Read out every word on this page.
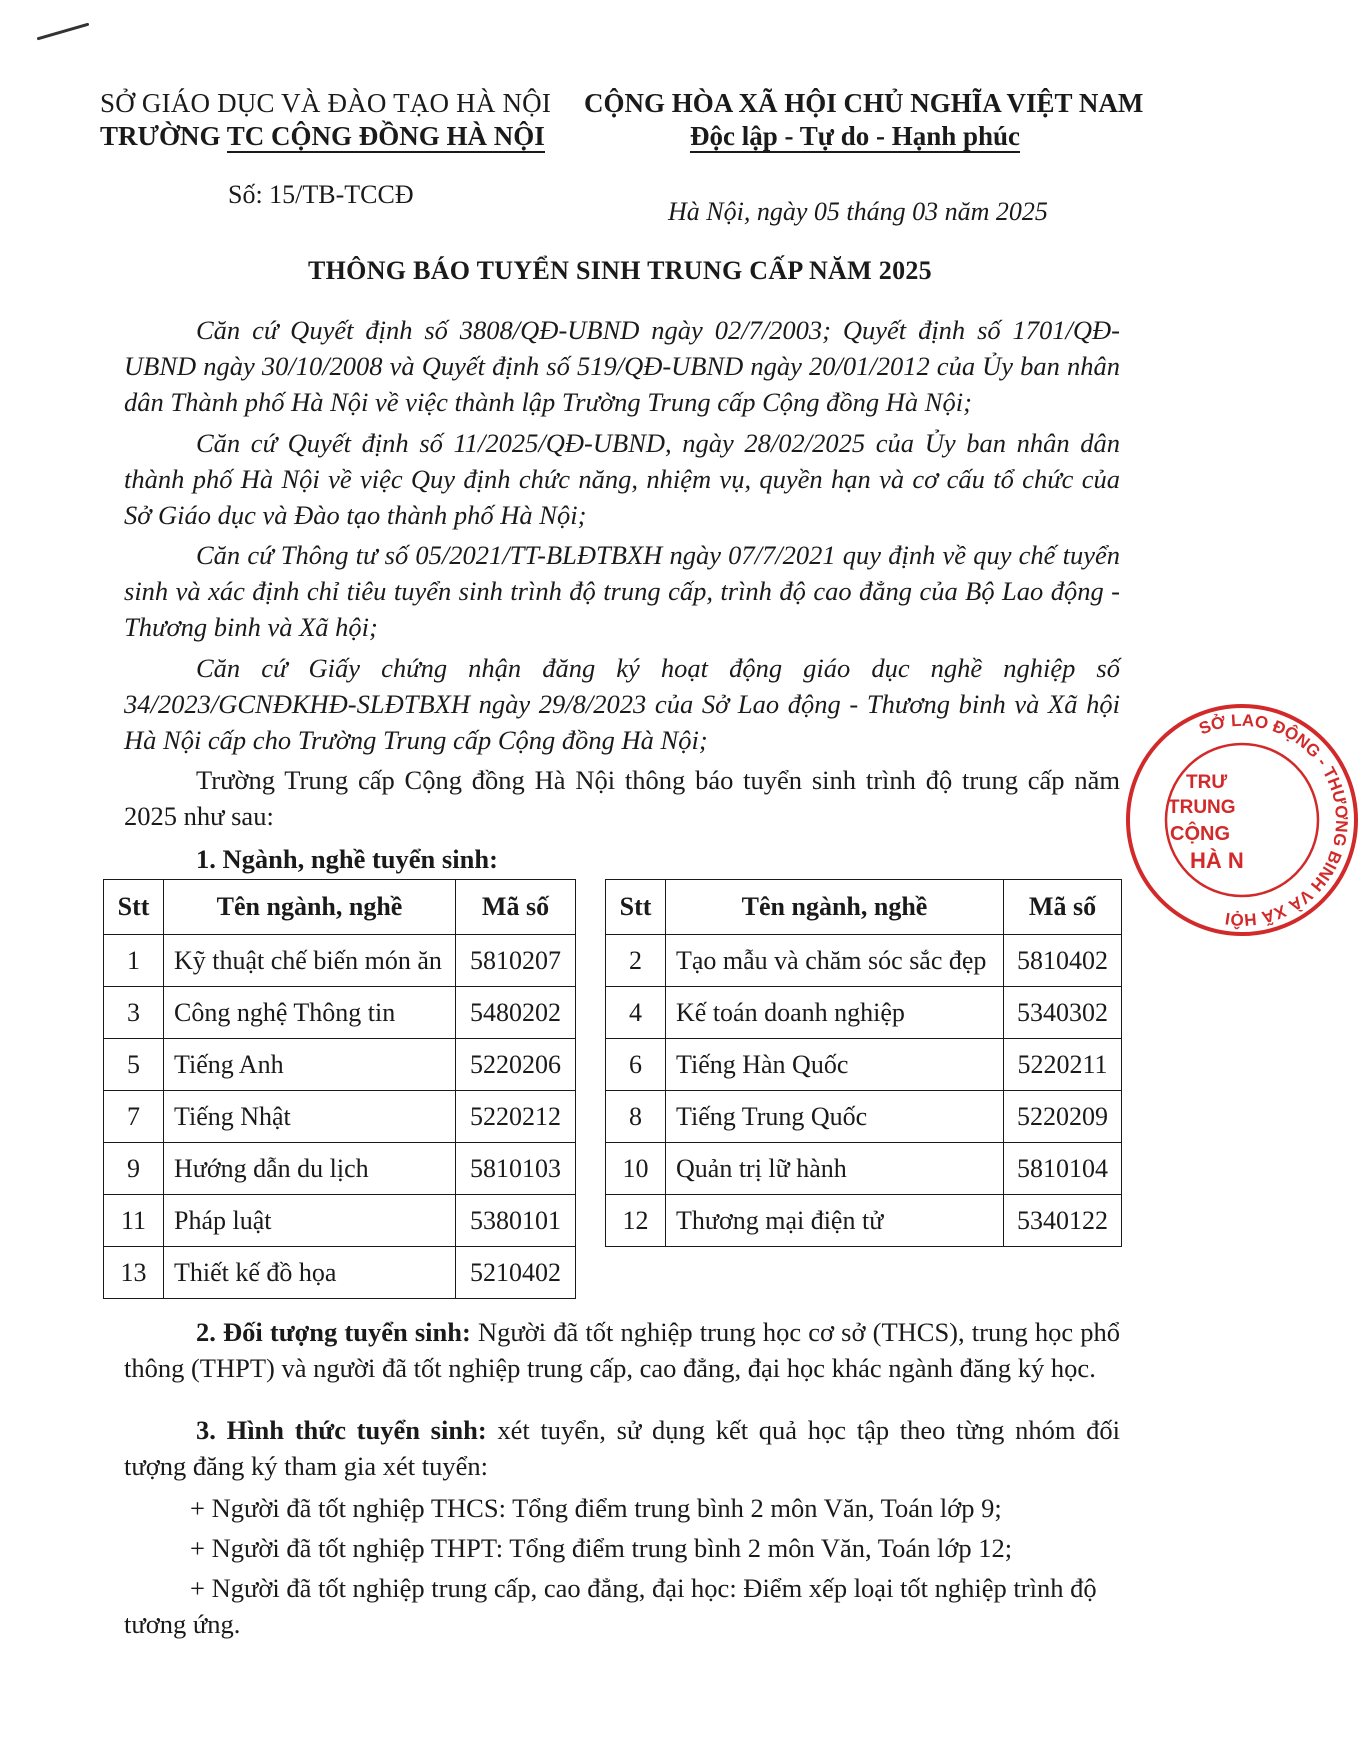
SỞ GIÁO DỤC VÀ ĐÀO TẠO HÀ NỘI
TRƯỜNG TC CỘNG ĐỒNG HÀ NỘI
CỘNG HÒA XÃ HỘI CHỦ NGHĨA VIỆT NAM
Độc lập - Tự do - Hạnh phúc
Số: 15/TB-TCCĐ
Hà Nội, ngày 05 tháng 03 năm 2025
THÔNG BÁO TUYỂN SINH TRUNG CẤP NĂM 2025
Căn cứ Quyết định số 3808/QĐ-UBND ngày 02/7/2003; Quyết định số 1701/QĐ-UBND ngày 30/10/2008 và Quyết định số 519/QĐ-UBND ngày 20/01/2012 của Ủy ban nhân dân Thành phố Hà Nội về việc thành lập Trường Trung cấp Cộng đồng Hà Nội;
Căn cứ Quyết định số 11/2025/QĐ-UBND, ngày 28/02/2025 của Ủy ban nhân dân thành phố Hà Nội về việc Quy định chức năng, nhiệm vụ, quyền hạn và cơ cấu tổ chức của Sở Giáo dục và Đào tạo thành phố Hà Nội;
Căn cứ Thông tư số 05/2021/TT-BLĐTBXH ngày 07/7/2021 quy định về quy chế tuyển sinh và xác định chỉ tiêu tuyển sinh trình độ trung cấp, trình độ cao đẳng của Bộ Lao động - Thương binh và Xã hội;
Căn cứ Giấy chứng nhận đăng ký hoạt động giáo dục nghề nghiệp số 34/2023/GCNĐKHĐ-SLĐTBXH ngày 29/8/2023 của Sở Lao động - Thương binh và Xã hội Hà Nội cấp cho Trường Trung cấp Cộng đồng Hà Nội;
Trường Trung cấp Cộng đồng Hà Nội thông báo tuyển sinh trình độ trung cấp năm 2025 như sau:
1. Ngành, nghề tuyển sinh:
Stt	Tên ngành, nghề	Mã số
1	Kỹ thuật chế biến món ăn	5810207
3	Công nghệ Thông tin	5480202
5	Tiếng Anh	5220206
7	Tiếng Nhật	5220212
9	Hướng dẫn du lịch	5810103
11	Pháp luật	5380101
13	Thiết kế đồ họa	5210402
Stt	Tên ngành, nghề	Mã số
2	Tạo mẫu và chăm sóc sắc đẹp	5810402
4	Kế toán doanh nghiệp	5340302
6	Tiếng Hàn Quốc	5220211
8	Tiếng Trung Quốc	5220209
10	Quản trị lữ hành	5810104
12	Thương mại điện tử	5340122
2. Đối tượng tuyển sinh: Người đã tốt nghiệp trung học cơ sở (THCS), trung học phổ thông (THPT) và người đã tốt nghiệp trung cấp, cao đẳng, đại học khác ngành đăng ký học.
3. Hình thức tuyển sinh: xét tuyển, sử dụng kết quả học tập theo từng nhóm đối tượng đăng ký tham gia xét tuyển:
+ Người đã tốt nghiệp THCS: Tổng điểm trung bình 2 môn Văn, Toán lớp 9;
+ Người đã tốt nghiệp THPT: Tổng điểm trung bình 2 môn Văn, Toán lớp 12;
+ Người đã tốt nghiệp trung cấp, cao đẳng, đại học: Điểm xếp loại tốt nghiệp trình độ tương ứng.
SỞ LAO ĐỘNG - THƯƠNG BINH VÀ XÃ HỘI
TRƯ
TRUNG
CỘNG
HÀ N
